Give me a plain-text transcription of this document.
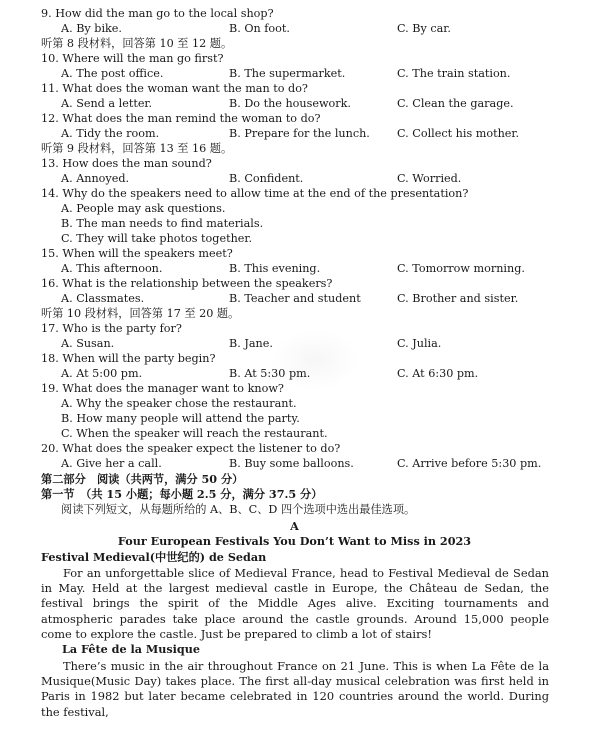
9. How did the man go to the local shop?
A. By bike.	B. On foot.	C. By car.
听第 8 段材料，回答第 10 至 12 题。
10. Where will the man go first?
A. The post office.	B. The supermarket.	C. The train station.
11. What does the woman want the man to do?
A. Send a letter.	B. Do the housework.	C. Clean the garage.
12. What does the man remind the woman to do?
A. Tidy the room.	B. Prepare for the lunch. C. Collect his mother.
听第 9 段材料，回答第 13 至 16 题。
13. How does the man sound?
A. Annoyed.	B. Confident.	C. Worried.
14. Why do the speakers need to allow time at the end of the presentation?
A. People may ask questions.
B. The man needs to find materials.
C. They will take photos together.
15. When will the speakers meet?
A. This afternoon.	B. This evening.	C. Tomorrow morning.
16. What is the relationship between the speakers?
A. Classmates.	B. Teacher and student	C. Brother and sister.
听第 10 段材料，回答第 17 至 20 题。
17. Who is the party for?
A. Susan.	B. Jane.	C. Julia.
18. When will the party begin?
A. At 5:00 pm.	B. At 5:30 pm.	C. At 6:30 pm.
19. What does the manager want to know?
A. Why the speaker chose the restaurant.
B. How many people will attend the party.
C. When the speaker will reach the restaurant.
20. What does the speaker expect the listener to do?
A. Give her a call.	B. Buy some balloons.	C. Arrive before 5:30 pm.
第二部分　阅读（共两节，满分 50 分）
第一节　（共 15 小题；每小题 2.5 分，满分 37.5 分）
阅读下列短文，从每题所给的 A、B、C、D 四个选项中选出最佳选项。
A
Four European Festivals You Don’t Want to Miss in 2023
Festival Medieval(中世纪的) de Sedan
For an unforgettable slice of Medieval France, head to Festival Medieval de Sedan in May. Held at the largest medieval castle in Europe, the Château de Sedan, the festival brings the spirit of the Middle Ages alive. Exciting tournaments and atmospheric parades take place around the castle grounds. Around 15,000 people come to explore the castle. Just be prepared to climb a lot of stairs!
La Fête de la Musique
There’s music in the air throughout France on 21 June. This is when La Fête de la Musique(Music Day) takes place. The first all-day musical celebration was first held in Paris in 1982 but later became celebrated in 120 countries around the world. During the festival,
